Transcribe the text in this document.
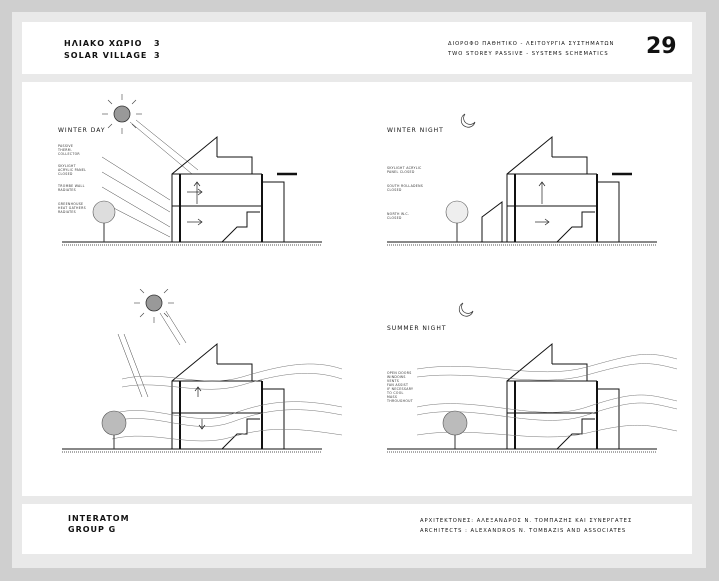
ΗΛΙΑΚΟ ΧΩΡΙΟ 3
SOLAR VILLAGE 3
ΔΙΟΡΟΦΟ ΠΑΘΗΤΙΚΟ - ΛΕΙΤΟΥΡΓΙΑ ΣΥΣΤΗΜΑΤΩΝ
TWO STOREY PASSIVE - SYSTEMS SCHEMATICS 29
WINTER DAY
PASSIVE
THERM.
COLLECTOR
SKYLIGHT
ACRYLIC PANEL
CLOSED
TROMBE WALL
RADIATES
GREENHOUSE
HEAT GATHERS
RADIATES
WINTER NIGHT
SKYLIGHT ACRYLIC
PANEL CLOSED
SOUTH ROLLADENS
CLOSED
NORTH W.C.
CLOSED
SUMMER NIGHT
OPEN DOORS
WINDOWS
VENTS
FAN ASSIST
IF NECESSARY
TO COOL
MASS
THROUGHOUT
INTERATOM
GROUP G
ΑΡΧΙΤΕΚΤΟΝΕΣ: ΑΛΕΞΑΝΔΡΟΣ Ν. ΤΟΜΠΑΖΗΣ ΚΑΙ ΣΥΝΕΡΓΑΤΕΣ
ARCHITECTS : ALEXANDROS N. TOMBAZIS AND ASSOCIATES
